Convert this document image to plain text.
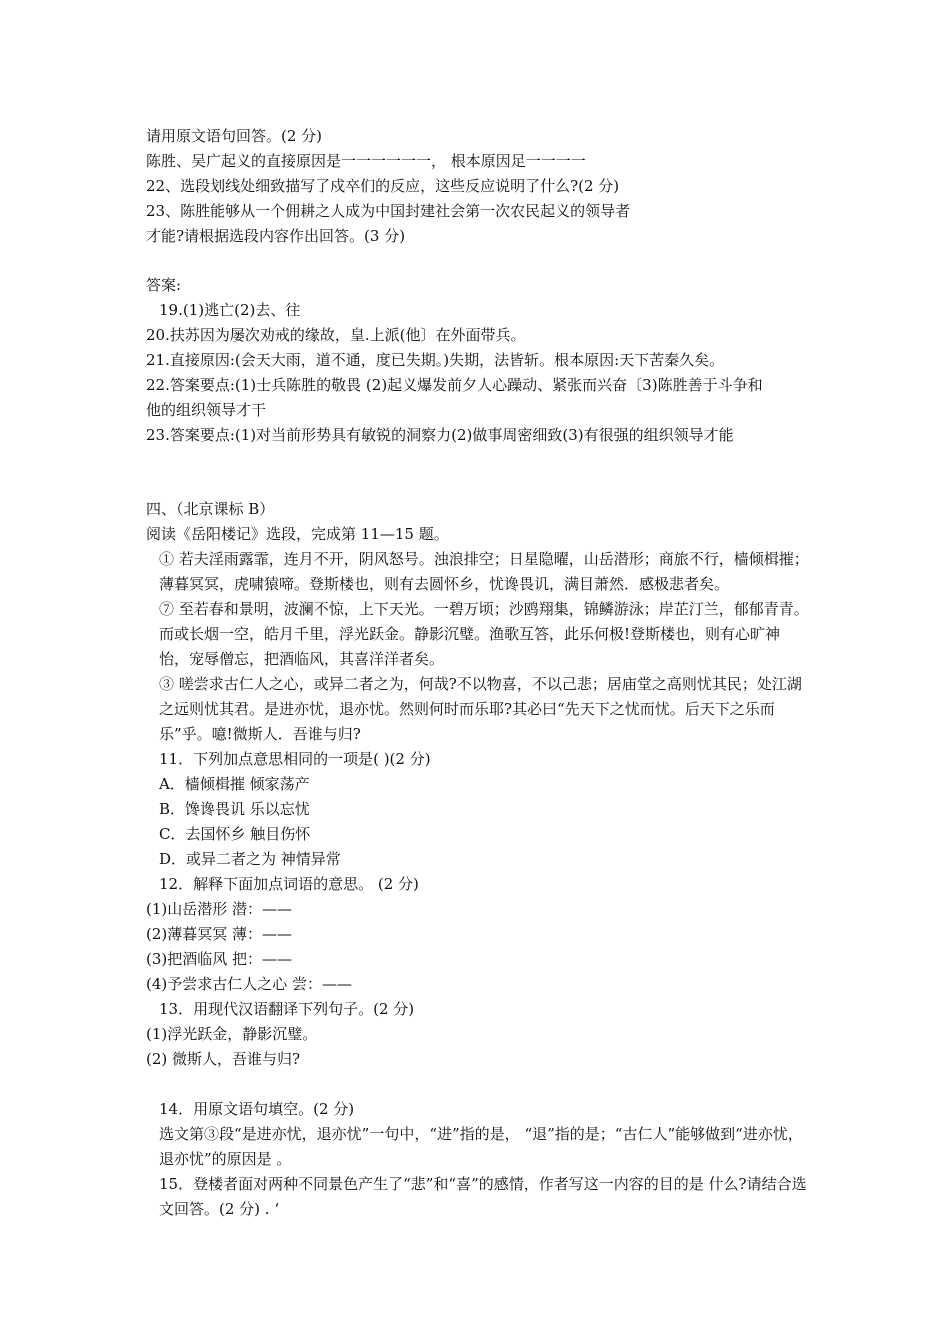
请用原文语句回答。(2 分)
陈胜、吴广起义的直接原因是一一一一一一， 根本原因足一一一一
22、选段划线处细致描写了戍卒们的反应，这些反应说明了什么?(2 分)
23、陈胜能够从一个佣耕之人成为中国封建社会第一次农民起义的领导者
才能?请根据选段内容作出回答。(3 分)
答案:
19.(1)逃亡(2)去、往
20.扶苏因为屡次劝戒的缘故，皇.上派(他〕在外面带兵。
21.直接原因:(会天大雨，道不通，度已失期。)失期，法皆斩。根本原因:天下苦秦久矣。
22.答案要点:(1)士兵陈胜的敬畏 (2)起义爆发前夕人心躁动、紧张而兴奋〔3)陈胜善于斗争和
他的组织领导才干
23.答案要点:(1)对当前形势具有敏锐的洞察力(2)做事周密细致(3)有很强的组织领导才能
四、（北京课标 B）
阅读《岳阳楼记》选段，完成第 11—15 题。
① 若夫淫雨露霏，连月不开，阴风怒号。浊浪排空；日星隐曜，山岳潜形；商旅不行，樯倾楫摧；薄暮冥冥，虎啸猿啼。登斯楼也，则有去圆怀乡，忧谗畏讥，满目萧然．感极悲者矣。
⑦ 至若春和景明，波澜不惊，上下天光。一碧万顷；沙鸥翔集，锦鳞游泳；岸芷汀兰，郁郁青青。而或长烟一空，皓月千里，浮光跃金。静影沉璧。渔歌互答，此乐何极!登斯楼也，则有心旷神怡，宠辱僧忘，把酒临风，其喜洋洋者矣。
③ 嗟尝求古仁人之心，或异二者之为，何哉?不以物喜，不以己悲；居庙堂之高则忧其民；处江湖之远则忧其君。是进亦忧，退亦忧。然则何时而乐耶?其必曰“先天下之忧而忧。后天下之乐而乐”乎。噫!微斯人．吾谁与归?
11．下列加点意思相同的一项是( )(2 分)
A．樯倾楫摧 倾家荡产
B．馋谗畏讥 乐以忘忧
C．去国怀乡 触目伤怀
D．或异二者之为 神情异常
12．解释下面加点词语的意思。 (2 分)
(1)山岳潜形 潜：——
(2)薄暮冥冥 薄：——
(3)把酒临风 把：——
(4)予尝求古仁人之心 尝：——
13．用现代汉语翻译下列句子。(2 分)
(1)浮光跃金，静影沉璧。
(2) 微斯人，吾谁与归?
14．用原文语句填空。(2 分)
选文第③段“是进亦忧，退亦忧”一句中，“进”指的是， “退”指的是；“古仁人”能够做到“进亦忧，退亦忧”的原因是 。
15．登楼者面对两种不同景色产生了“悲”和“喜”的感情，作者写这一内容的目的是 什么?请结合选文回答。(2 分) . ‘
